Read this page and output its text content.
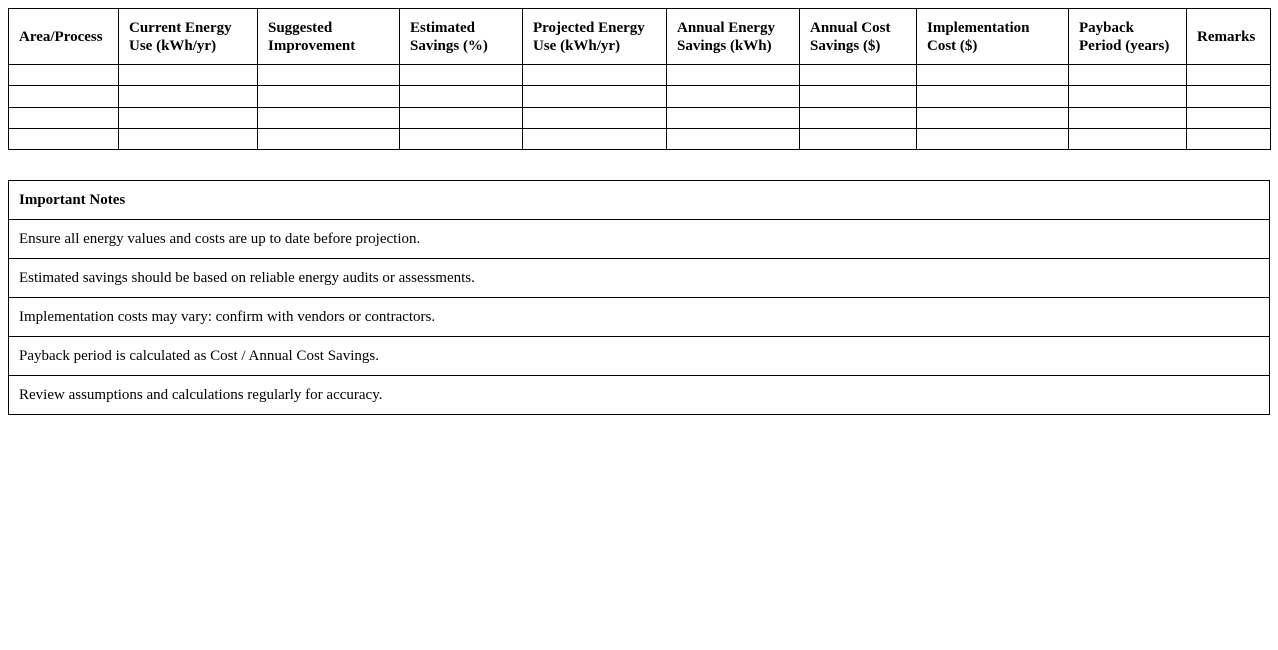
Area/Process	Current Energy Use (kWh/yr)	Suggested Improvement	Estimated Savings (%)	Projected Energy Use (kWh/yr)	Annual Energy Savings (kWh)	Annual Cost Savings ($)	Implementation Cost ($)	Payback Period (years)	Remarks

Important Notes
Ensure all energy values and costs are up to date before projection.
Estimated savings should be based on reliable energy audits or assessments.
Implementation costs may vary: confirm with vendors or contractors.
Payback period is calculated as Cost / Annual Cost Savings.
Review assumptions and calculations regularly for accuracy.
